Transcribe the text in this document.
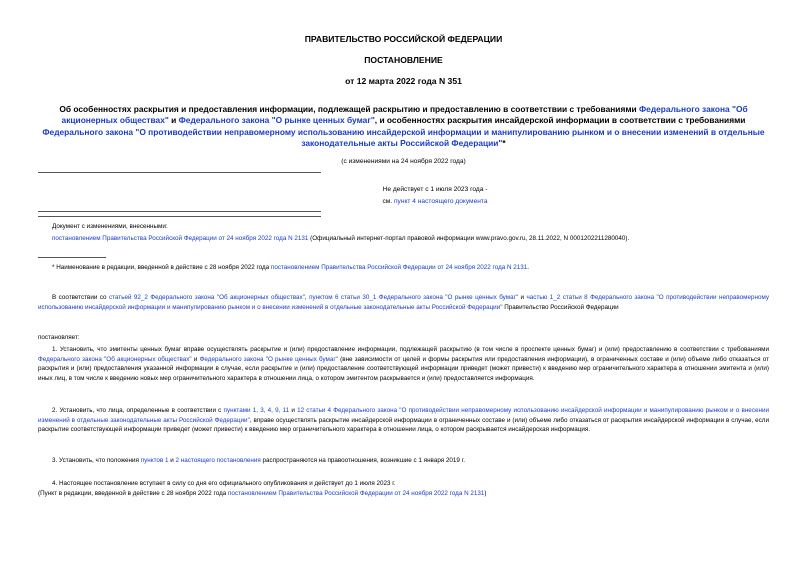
ПРАВИТЕЛЬСТВО РОССИЙСКОЙ ФЕДЕРАЦИИ
ПОСТАНОВЛЕНИЕ
от 12 марта 2022 года N 351
Об особенностях раскрытия и предоставления информации, подлежащей раскрытию и предоставлению в соответствии с требованиями Федерального закона "Об акционерных обществах" и Федерального закона "О рынке ценных бумаг", и особенностях раскрытия инсайдерской информации в соответствии с требованиями Федерального закона "О противодействии неправомерному использованию инсайдерской информации и манипулированию рынком и о внесении изменений в отдельные законодательные акты Российской Федерации"*
(с изменениями на 24 ноября 2022 года)
Не действует с 1 июля 2023 года -
см. пункт 4 настоящего документа
Документ с изменениями, внесенными:
постановлением Правительства Российской Федерации от 24 ноября 2022 года N 2131 (Официальный интернет-портал правовой информации www.pravo.gov.ru, 28.11.2022, N 0001202211280040).
* Наименование в редакции, введенной в действие с 28 ноября 2022 года постановлением Правительства Российской Федерации от 24 ноября 2022 года N 2131.
В соответствии со статьей 92_2 Федерального закона "Об акционерных обществах", пунктом 6 статьи 30_1 Федерального закона "О рынке ценных бумаг" и частью 1_2 статьи 8 Федерального закона "О противодействии неправомерному использованию инсайдерской информации и манипулированию рынком и о внесении изменений в отдельные законодательные акты Российской Федерации" Правительство Российской Федерации
постановляет:
1. Установить, что эмитенты ценных бумаг вправе осуществлять раскрытие и (или) предоставление информации, подлежащей раскрытию (в том числе в проспекте ценных бумаг) и (или) предоставлению в соответствии с требованиями Федерального закона "Об акционерных обществах" и Федерального закона "О рынке ценных бумаг" (вне зависимости от целей и формы раскрытия или предоставления информации), в ограниченных составе и (или) объеме либо отказаться от раскрытия и (или) предоставления указанной информации в случае, если раскрытие и (или) предоставление соответствующей информации приведет (может привести) к введению мер ограничительного характера в отношении эмитента и (или) иных лиц, в том числе к введению новых мер ограничительного характера в отношении лица, о котором эмитентом раскрывается и (или) предоставляется информация.
2. Установить, что лица, определенные в соответствии с пунктами 1, 3, 4, 9, 11 и 12 статьи 4 Федерального закона "О противодействии неправомерному использованию инсайдерской информации и манипулированию рынком и о внесении изменений в отдельные законодательные акты Российской Федерации", вправе осуществлять раскрытие инсайдерской информации в ограниченных составе и (или) объеме либо отказаться от раскрытия инсайдерской информации в случае, если раскрытие соответствующей информации приведет (может привести) к введению мер ограничительного характера в отношении лица, о котором раскрывается инсайдерская информация.
3. Установить, что положения пунктов 1 и 2 настоящего постановления распространяются на правоотношения, возникшие с 1 января 2019 г.
4. Настоящее постановление вступает в силу со дня его официального опубликования и действует до 1 июля 2023 г.
(Пункт в редакции, введенной в действие с 28 ноября 2022 года постановлением Правительства Российской Федерации от 24 ноября 2022 года N 2131)
